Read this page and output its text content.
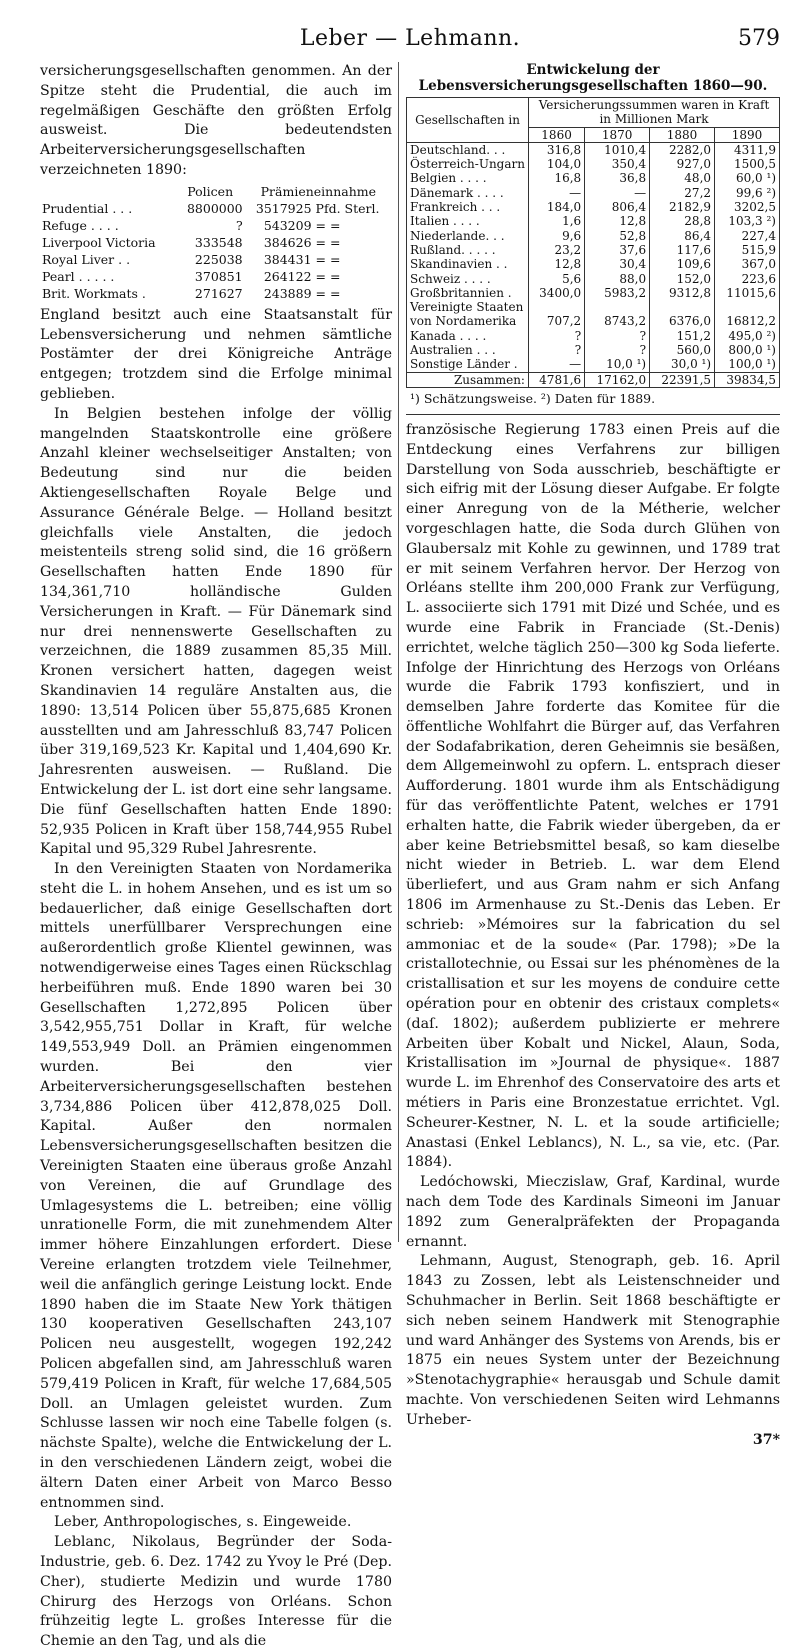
Leber — Lehmann.	579

versicherungsgesellschaften genommen. An der Spitze steht die Prudential, die auch im regelmäßigen Geschäfte den größten Erfolg ausweist. Die bedeutendsten Arbeiterversicherungsgesellschaften verzeichneten 1890:

	Policen	Prämieneinnahme	
Prudential . . .	8800000	3517925	Pfd. Sterl.
Refuge . . . .	?	543209	= =
Liverpool Victoria	333548	384626	= =
Royal Liver . .	225038	384431	= =
Pearl . . . . .	370851	264122	= =
Brit. Workmats .	271627	243889	= =

England besitzt auch eine Staatsanstalt für Lebensversicherung und nehmen sämtliche Postämter der drei Königreiche Anträge entgegen; trotzdem sind die Erfolge minimal geblieben.

In Belgien bestehen infolge der völlig mangelnden Staatskontrolle eine größere Anzahl kleiner wechselseitiger Anstalten; von Bedeutung sind nur die beiden Aktiengesellschaften Royale Belge und Assurance Générale Belge. — Holland besitzt gleichfalls viele Anstalten, die jedoch meistenteils streng solid sind, die 16 größern Gesellschaften hatten Ende 1890 für 134,361,710 holländische Gulden Versicherungen in Kraft. — Für Dänemark sind nur drei nennenswerte Gesellschaften zu verzeichnen, die 1889 zusammen 85,35 Mill. Kronen versichert hatten, dagegen weist Skandinavien 14 reguläre Anstalten aus, die 1890: 13,514 Policen über 55,875,685 Kronen ausstellten und am Jahresschluß 83,747 Policen über 319,169,523 Kr. Kapital und 1,404,690 Kr. Jahresrenten ausweisen. — Rußland. Die Entwickelung der L. ist dort eine sehr langsame. Die fünf Gesellschaften hatten Ende 1890: 52,935 Policen in Kraft über 158,744,955 Rubel Kapital und 95,329 Rubel Jahresrente.

In den Vereinigten Staaten von Nordamerika steht die L. in hohem Ansehen, und es ist um so bedauerlicher, daß einige Gesellschaften dort mittels unerfüllbarer Versprechungen eine außerordentlich große Klientel gewinnen, was notwendigerweise eines Tages einen Rückschlag herbeiführen muß. Ende 1890 waren bei 30 Gesellschaften 1,272,895 Policen über 3,542,955,751 Dollar in Kraft, für welche 149,553,949 Doll. an Prämien eingenommen wurden. Bei den vier Arbeiterversicherungsgesellschaften bestehen 3,734,886 Policen über 412,878,025 Doll. Kapital. Außer den normalen Lebensversicherungsgesellschaften besitzen die Vereinigten Staaten eine überaus große Anzahl von Vereinen, die auf Grundlage des Umlagesystems die L. betreiben; eine völlig unrationelle Form, die mit zunehmendem Alter immer höhere Einzahlungen erfordert. Diese Vereine erlangten trotzdem viele Teilnehmer, weil die anfänglich geringe Leistung lockt. Ende 1890 haben die im Staate New York thätigen 130 kooperativen Gesellschaften 243,107 Policen neu ausgestellt, wogegen 192,242 Policen abgefallen sind, am Jahresschluß waren 579,419 Policen in Kraft, für welche 17,684,505 Doll. an Umlagen geleistet wurden. Zum Schlusse lassen wir noch eine Tabelle folgen (s. nächste Spalte), welche die Entwickelung der L. in den verschiedenen Ländern zeigt, wobei die ältern Daten einer Arbeit von Marco Besso entnommen sind.

Leber, Anthropologisches, s. Eingeweide.

Leblanc, Nikolaus, Begründer der Soda-Industrie, geb. 6. Dez. 1742 zu Yvoy le Pré (Dep. Cher), studierte Medizin und wurde 1780 Chirurg des Herzogs von Orléans. Schon frühzeitig legte L. großes Interesse für die Chemie an den Tag, und als die

Entwickelung der Lebensversicherungsgesellschaften 1860—90.
Gesellschaften in	Versicherungssummen waren in Kraft in Millionen Mark			
	1860	1870	1880	1890
Deutschland. . .	316,8	1010,4	2282,0	4311,9
Österreich-Ungarn	104,0	350,4	927,0	1500,5
Belgien . . . .	16,8	36,8	48,0	60,0 ¹)
Dänemark . . . .	—	—	27,2	99,6 ²)
Frankreich . . .	184,0	806,4	2182,9	3202,5
Italien . . . .	1,6	12,8	28,8	103,3 ²)
Niederlande. . .	9,6	52,8	86,4	227,4
Rußland. . . . .	23,2	37,6	117,6	515,9
Skandinavien . .	12,8	30,4	109,6	367,0
Schweiz . . . .	5,6	88,0	152,0	223,6
Großbritannien .	3400,0	5983,2	9312,8	11015,6
Vereinigte Staaten				
von Nordamerika	707,2	8743,2	6376,0	16812,2
Kanada . . . .	?	?	151,2	495,0 ²)
Australien . . .	?	?	560,0	800,0 ¹)
Sonstige Länder .	—	10,0 ¹)	30,0 ¹)	100,0 ¹)
Zusammen:	4781,6	17162,0	22391,5	39834,5
¹) Schätzungsweise. ²) Daten für 1889.

französische Regierung 1783 einen Preis auf die Entdeckung eines Verfahrens zur billigen Darstellung von Soda ausschrieb, beschäftigte er sich eifrig mit der Lösung dieser Aufgabe. Er folgte einer Anregung von de la Métherie, welcher vorgeschlagen hatte, die Soda durch Glühen von Glaubersalz mit Kohle zu gewinnen, und 1789 trat er mit seinem Verfahren hervor. Der Herzog von Orléans stellte ihm 200,000 Frank zur Verfügung, L. associierte sich 1791 mit Dizé und Schée, und es wurde eine Fabrik in Franciade (St.-Denis) errichtet, welche täglich 250—300 kg Soda lieferte. Infolge der Hinrichtung des Herzogs von Orléans wurde die Fabrik 1793 konfisziert, und in demselben Jahre forderte das Komitee für die öffentliche Wohlfahrt die Bürger auf, das Verfahren der Sodafabrikation, deren Geheimnis sie besäßen, dem Allgemeinwohl zu opfern. L. entsprach dieser Aufforderung. 1801 wurde ihm als Entschädigung für das veröffentlichte Patent, welches er 1791 erhalten hatte, die Fabrik wieder übergeben, da er aber keine Betriebsmittel besaß, so kam dieselbe nicht wieder in Betrieb. L. war dem Elend überliefert, und aus Gram nahm er sich Anfang 1806 im Armenhause zu St.-Denis das Leben. Er schrieb: »Mémoires sur la fabrication du sel ammoniac et de la soude« (Par. 1798); »De la cristallotechnie, ou Essai sur les phénomènes de la cristallisation et sur les moyens de conduire cette opération pour en obtenir des cristaux complets« (daſ. 1802); außerdem publizierte er mehrere Arbeiten über Kobalt und Nickel, Alaun, Soda, Kristallisation im »Journal de physique«. 1887 wurde L. im Ehrenhof des Conservatoire des arts et métiers in Paris eine Bronzestatue errichtet. Vgl. Scheurer-Kestner, N. L. et la soude artificielle; Anastasi (Enkel Leblancs), N. L., sa vie, etc. (Par. 1884).

Ledóchowski, Mieczislaw, Graf, Kardinal, wurde nach dem Tode des Kardinals Simeoni im Januar 1892 zum Generalpräfekten der Propaganda ernannt.

Lehmann, August, Stenograph, geb. 16. April 1843 zu Zossen, lebt als Leistenschneider und Schuhmacher in Berlin. Seit 1868 beschäftigte er sich neben seinem Handwerk mit Stenographie und ward Anhänger des Systems von Arends, bis er 1875 ein neues System unter der Bezeichnung »Stenotachygraphie« herausgab und Schule damit machte. Von verschiedenen Seiten wird Lehmanns Urheber-

37*
